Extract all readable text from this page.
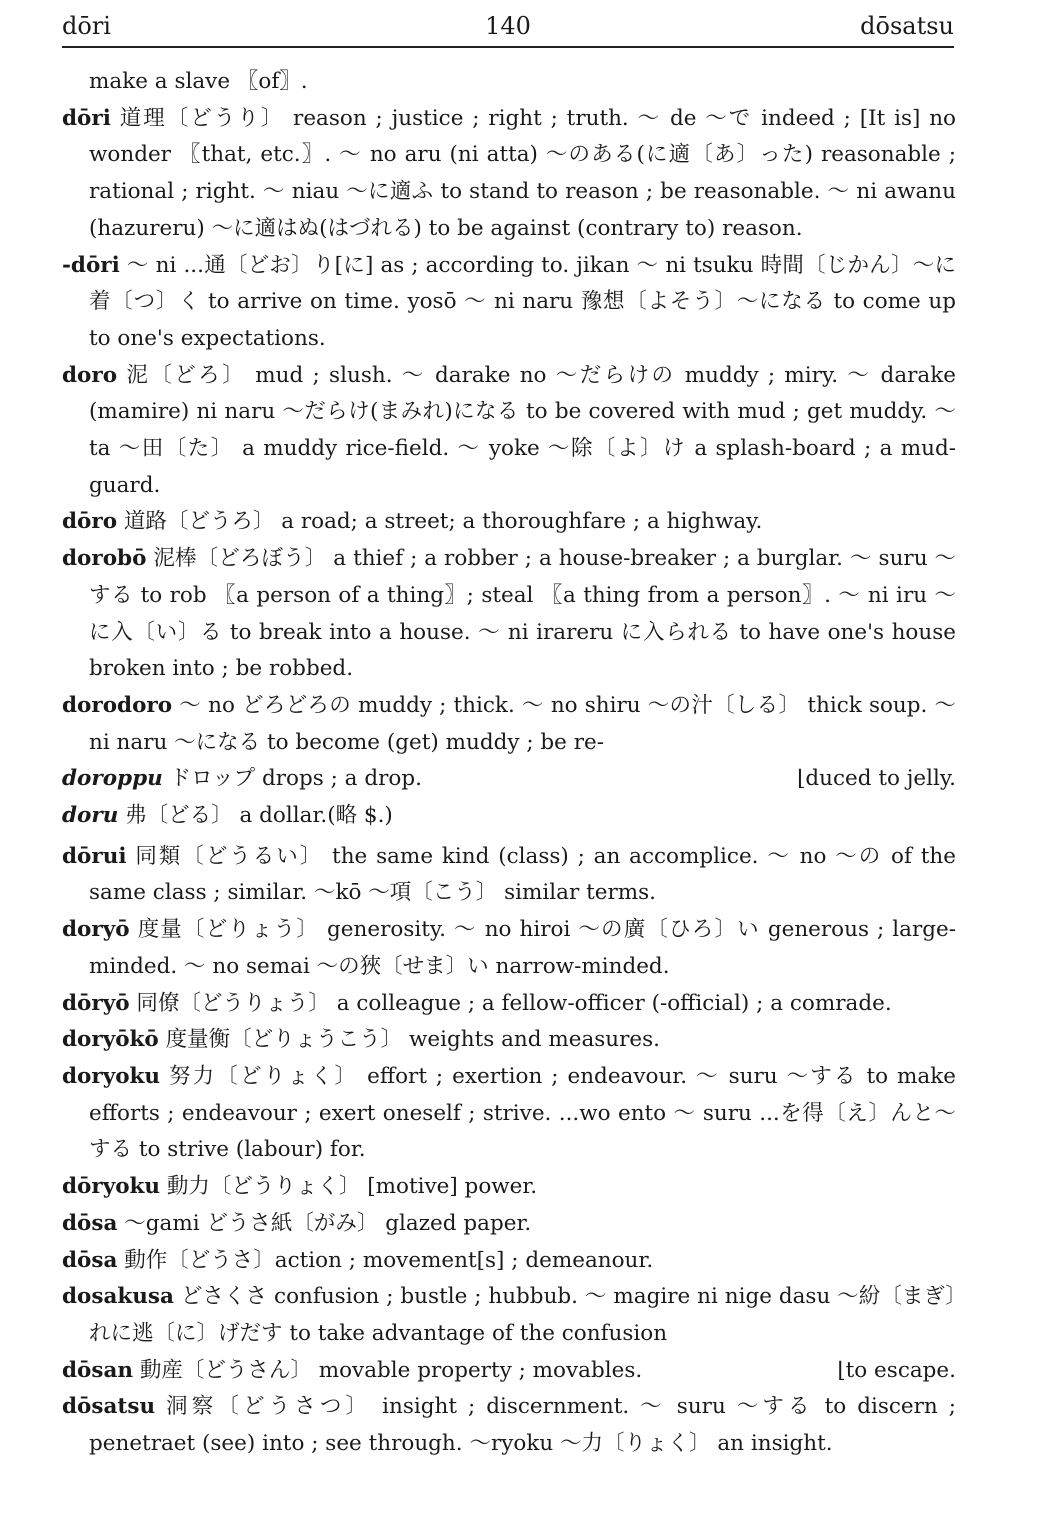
dōri	140	dōsatsu
make a slave 〖of〗.
dōri 道理〔どうり〕 reason ; justice ; right ; truth. ～ de ～で indeed ; [It is] no wonder 〖that, etc.〗. ～ no aru (ni atta) ～のある(に適〔あ〕った) reasonable ; rational ; right. ～ niau ～に適ふ to stand to reason ; be reasonable. ～ ni awanu (hazureru) ～に適はぬ(はづれる) to be against (contrary to) reason.
-dōri ～ ni ...通〔どお〕り[に] as ; according to. jikan ～ ni tsuku 時間〔じかん〕～に着〔つ〕く to arrive on time. yosō ～ ni naru 豫想〔よそう〕～になる to come up to one's expectations.
doro 泥〔どろ〕 mud ; slush. ～ darake no ～だらけの muddy ; miry. ～ darake (mamire) ni naru ～だらけ(まみれ)になる to be covered with mud ; get muddy. ～ta ～田〔た〕 a muddy rice-field. ～ yoke ～除〔よ〕け a splash-board ; a mud-guard.
dōro 道路〔どうろ〕 a road; a street; a thoroughfare ; a highway.
dorobō 泥棒〔どろぼう〕 a thief ; a robber ; a house-breaker ; a burglar. ～ suru ～する to rob 〖a person of a thing〗; steal 〖a thing from a person〗. ～ ni iru ～に入〔い〕る to break into a house. ～ ni irareru に入られる to have one's house broken into ; be robbed.
dorodoro ～ no どろどろの muddy ; thick. ～ no shiru ～の汁〔しる〕 thick soup. ～ ni naru ～になる to become (get) muddy ; be re-
doroppu ドロップ drops ; a drop.	⌊duced to jelly.
doru 弗〔どる〕 a dollar.(略 $.)
dōrui 同類〔どうるい〕 the same kind (class) ; an accomplice. ～ no ～の of the same class ; similar. ～kō ～項〔こう〕 similar terms.
doryō 度量〔どりょう〕 generosity. ～ no hiroi ～の廣〔ひろ〕い generous ; large-minded. ～ no semai ～の狹〔せま〕い narrow-minded.
dōryō 同僚〔どうりょう〕 a colleague ; a fellow-officer (-official) ; a comrade.
doryōkō 度量衡〔どりょうこう〕 weights and measures.
doryoku 努力〔どりょく〕 effort ; exertion ; endeavour. ～ suru ～する to make efforts ; endeavour ; exert oneself ; strive. ...wo ento ～ suru ...を得〔え〕んと～する to strive (labour) for.
dōryoku 動力〔どうりょく〕 [motive] power.
dōsa ～gami どうさ紙〔がみ〕 glazed paper.
dōsa 動作〔どうさ〕action ; movement[s] ; demeanour.
dosakusa どさくさ confusion ; bustle ; hubbub. ～ magire ni nige dasu ～紛〔まぎ〕れに逃〔に〕げだす to take advantage of the confusion
dōsan 動産〔どうさん〕 movable property ; movables.	⌊to escape.
dōsatsu 洞察〔どうさつ〕 insight ; discernment. ～ suru ～する to discern ; penetraet (see) into ; see through. ～ryoku ～力〔りょく〕 an insight.
